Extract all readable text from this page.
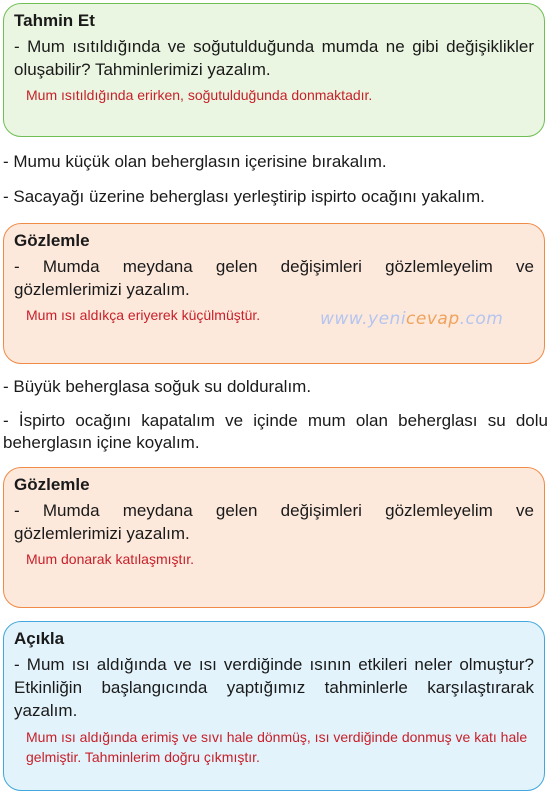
Tahmin Et

- Mum ısıtıldığında ve soğutulduğunda mumda ne gibi değişiklikler oluşabilir? Tahminlerimizi yazalım.

Mum ısıtıldığında erirken, soğutulduğunda donmaktadır.

- Mumu küçük olan beherglasın içerisine bırakalım.

- Sacayağı üzerine beherglası yerleştirip ispirto ocağını yakalım.

Gözlemle

- Mumda meydana gelen değişimleri gözlemleyelim ve gözlemlerimizi yazalım.

Mum ısı aldıkça eriyerek küçülmüştür.	www.yenicevap.com

- Büyük beherglasa soğuk su dolduralım.

- İspirto ocağını kapatalım ve içinde mum olan beherglası su dolu beherglasın içine koyalım.

Gözlemle

- Mumda meydana gelen değişimleri gözlemleyelim ve gözlemlerimizi yazalım.

Mum donarak katılaşmıştır.

Açıkla

- Mum ısı aldığında ve ısı verdiğinde ısının etkileri neler olmuştur? Etkinliğin başlangıcında yaptığımız tahminlerle karşılaştırarak yazalım.

Mum ısı aldığında erimiş ve sıvı hale dönmüş, ısı verdiğinde donmuş ve katı hale gelmiştir. Tahminlerim doğru çıkmıştır.
